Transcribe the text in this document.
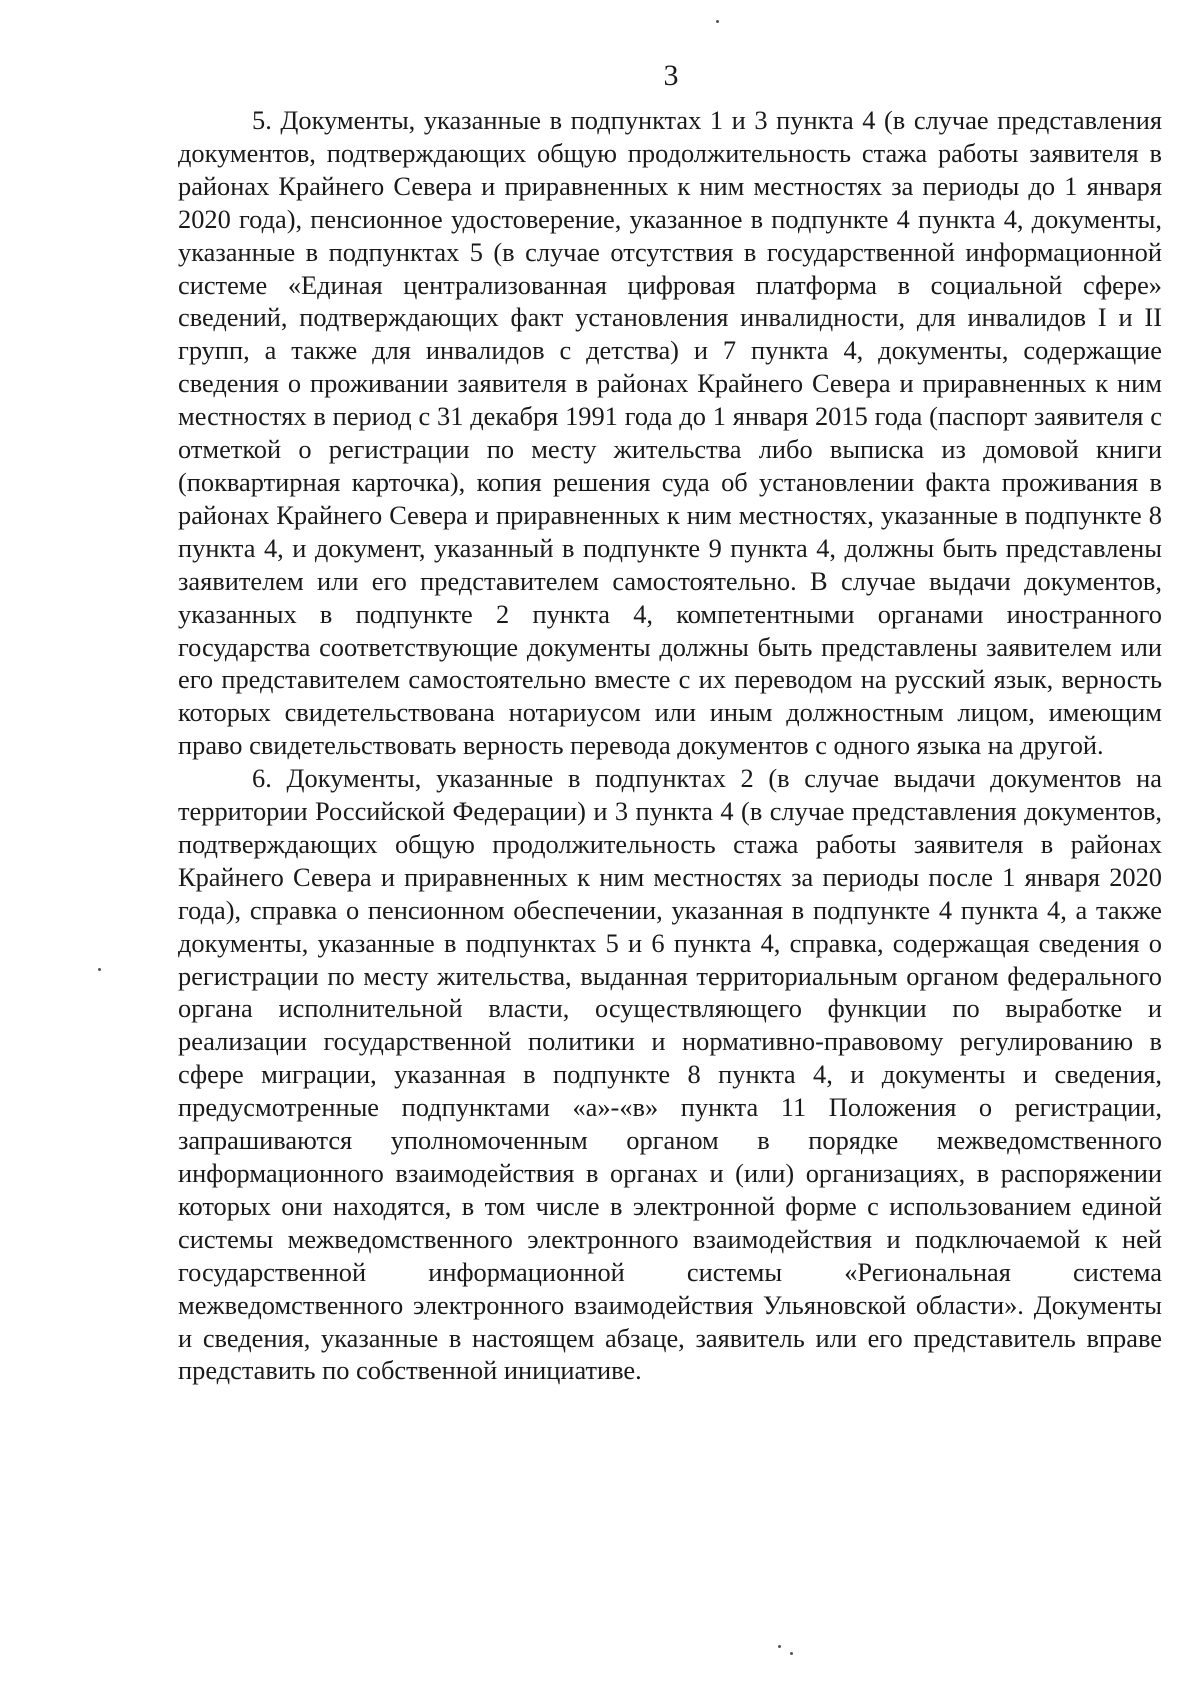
3

5. Документы, указанные в подпунктах 1 и 3 пункта 4 (в случае представления документов, подтверждающих общую продолжительность стажа работы заявителя в районах Крайнего Севера и приравненных к ним местностях за периоды до 1 января 2020 года), пенсионное удостоверение, указанное в подпункте 4 пункта 4, документы, указанные в подпунктах 5 (в случае отсутствия в государственной информационной системе «Единая централизованная цифровая платформа в социальной сфере» сведений, подтверждающих факт установления инвалидности, для инвалидов I и II групп, а также для инвалидов с детства) и 7 пункта 4, документы, содержащие сведения о проживании заявителя в районах Крайнего Севера и приравненных к ним местностях в период с 31 декабря 1991 года до 1 января 2015 года (паспорт заявителя с отметкой о регистрации по месту жительства либо выписка из домовой книги (поквартирная карточка), копия решения суда об установлении факта проживания в районах Крайнего Севера и приравненных к ним местностях, указанные в подпункте 8 пункта 4, и документ, указанный в подпункте 9 пункта 4, должны быть представлены заявителем или его представителем самостоятельно. В случае выдачи документов, указанных в подпункте 2 пункта 4, компетентными органами иностранного государства соответствующие документы должны быть представлены заявителем или его представителем самостоятельно вместе с их переводом на русский язык, верность которых свидетельствована нотариусом или иным должностным лицом, имеющим право свидетельствовать верность перевода документов с одного языка на другой.

6. Документы, указанные в подпунктах 2 (в случае выдачи документов на территории Российской Федерации) и 3 пункта 4 (в случае представления документов, подтверждающих общую продолжительность стажа работы заявителя в районах Крайнего Севера и приравненных к ним местностях за периоды после 1 января 2020 года), справка о пенсионном обеспечении, указанная в подпункте 4 пункта 4, а также документы, указанные в подпунктах 5 и 6 пункта 4, справка, содержащая сведения о регистрации по месту жительства, выданная территориальным органом федерального органа исполнительной власти, осуществляющего функции по выработке и реализации государственной политики и нормативно-правовому регулированию в сфере миграции, указанная в подпункте 8 пункта 4, и документы и сведения, предусмотренные подпунктами «а»-«в» пункта 11 Положения о регистрации, запрашиваются уполномоченным органом в порядке межведомственного информационного взаимодействия в органах и (или) организациях, в распоряжении которых они находятся, в том числе в электронной форме с использованием единой системы межведомственного электронного взаимодействия и подключаемой к ней государственной информационной системы «Региональная система межведомственного электронного взаимодействия Ульяновской области». Документы и сведения, указанные в настоящем абзаце, заявитель или его представитель вправе представить по собственной инициативе.
